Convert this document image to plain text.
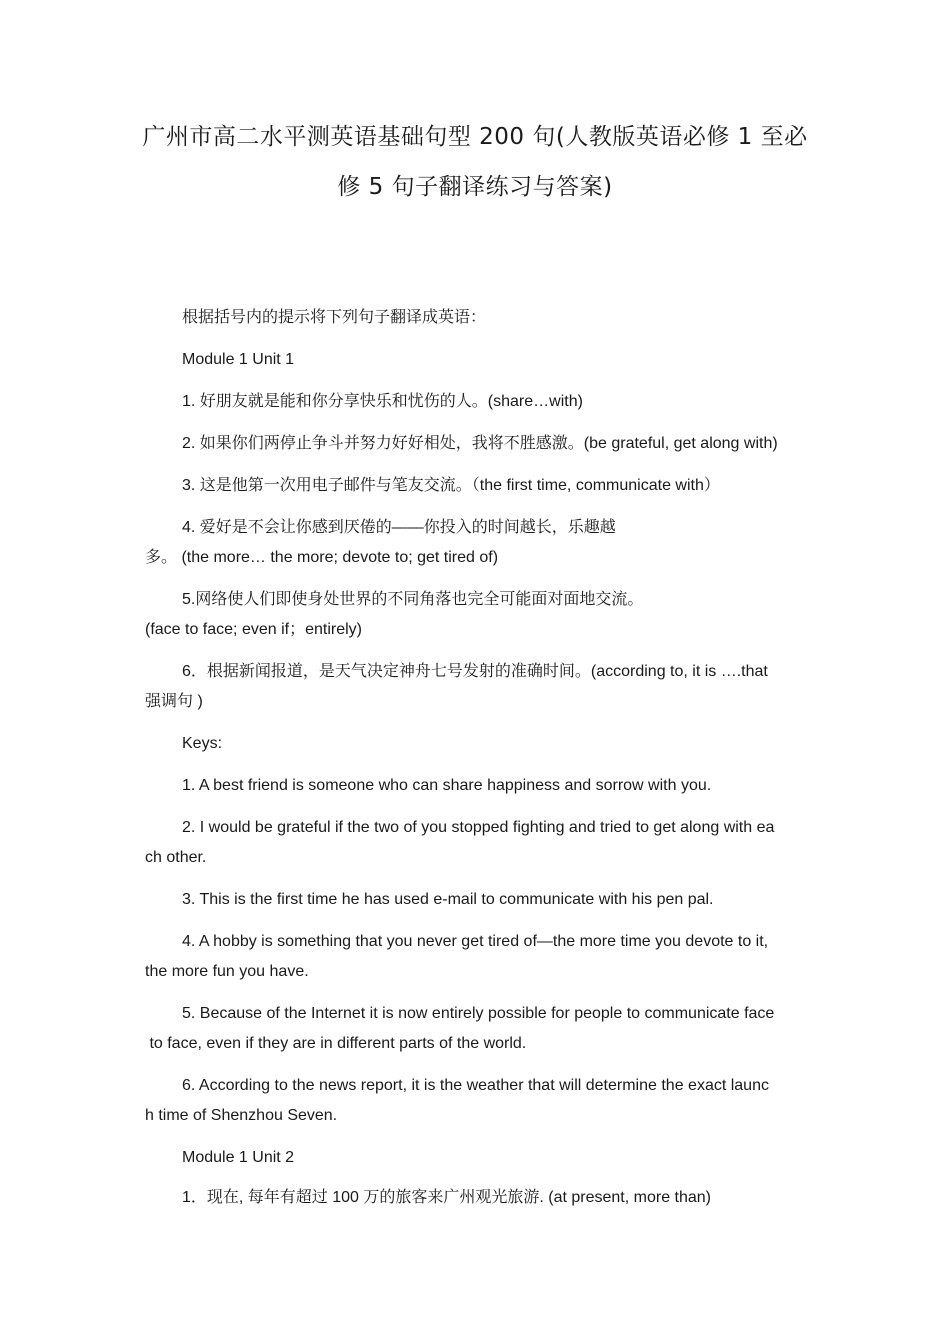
广州市高二水平测英语基础句型 200 句(人教版英语必修 1 至必
修 5 句子翻译练习与答案)
根据括号内的提示将下列句子翻译成英语：
Module 1 Unit 1
1. 好朋友就是能和你分享快乐和忧伤的人。(share…with)
2. 如果你们两停止争斗并努力好好相处，我将不胜感激。(be grateful, get along with)
3. 这是他第一次用电子邮件与笔友交流。（the first time, communicate with）
4. 爱好是不会让你感到厌倦的——你投入的时间越长，乐趣越
多。 (the more… the more; devote to; get tired of)
5.网络使人们即使身处世界的不同角落也完全可能面对面地交流。
(face to face; even if；entirely)
6．根据新闻报道，是天气决定神舟七号发射的准确时间。(according to, it is ….that
强调句 )
Keys:
1. A best friend is someone who can share happiness and sorrow with you.
2. I would be grateful if the two of you stopped fighting and tried to get along with ea
ch other.
3. This is the first time he has used e-mail to communicate with his pen pal.
4. A hobby is something that you never get tired of—the more time you devote to it,
the more fun you have.
5. Because of the Internet it is now entirely possible for people to communicate face
to face, even if they are in different parts of the world.
6. According to the news report, it is the weather that will determine the exact launc
h time of Shenzhou Seven.
Module 1 Unit 2
1．现在, 每年有超过 100 万的旅客来广州观光旅游. (at present, more than)
